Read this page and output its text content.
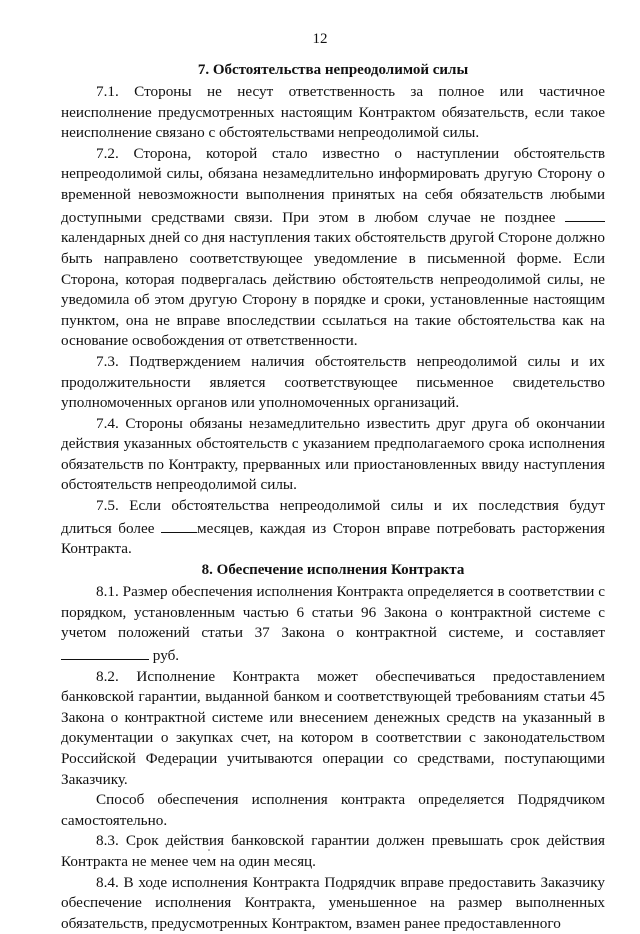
12
7. Обстоятельства непреодолимой силы

7.1. Стороны не несут ответственность за полное или частичное неисполнение предусмотренных настоящим Контрактом обязательств, если такое неисполнение связано с обстоятельствами непреодолимой силы.

7.2. Сторона, которой стало известно о наступлении обстоятельств непреодолимой силы, обязана незамедлительно информировать другую Сторону о временной невозможности выполнения принятых на себя обязательств любыми доступными средствами связи. При этом в любом случае не позднее  календарных дней со дня наступления таких обстоятельств другой Стороне должно быть направлено соответствующее уведомление в письменной форме. Если Сторона, которая подвергалась действию обстоятельств непреодолимой силы, не уведомила об этом другую Сторону в порядке и сроки, установленные настоящим пунктом, она не вправе впоследствии ссылаться на такие обстоятельства как на основание освобождения от ответственности.

7.3. Подтверждением наличия обстоятельств непреодолимой силы и их продолжительности является соответствующее письменное свидетельство уполномоченных органов или уполномоченных организаций.

7.4. Стороны обязаны незамедлительно известить друг друга об окончании действия указанных обстоятельств с указанием предполагаемого срока исполнения обязательств по Контракту, прерванных или приостановленных ввиду наступления обстоятельств непреодолимой силы.

7.5. Если обстоятельства непреодолимой силы и их последствия будут длиться более	месяцев, каждая из Сторон вправе потребовать расторжения Контракта.

8. Обеспечение исполнения Контракта

8.1. Размер обеспечения исполнения Контракта определяется в соответствии с порядком, установленным частью 6 статьи 96 Закона о контрактной системе с учетом положений статьи 37 Закона о контрактной системе, и составляет  руб.

8.2. Исполнение Контракта может обеспечиваться предоставлением банковской гарантии, выданной банком и соответствующей требованиям статьи 45 Закона о контрактной системе или внесением денежных средств на указанный в документации о закупках счет, на котором в соответствии с законодательством Российской Федерации учитываются операции со средствами, поступающими Заказчику.

Способ обеспечения исполнения контракта определяется Подрядчиком самостоятельно.

8.3. Срок действия банковской гарантии должен превышать срок действия Контракта не менее чем на один месяц.

8.4. В ходе исполнения Контракта Подрядчик вправе предоставить Заказчику обеспечение исполнения Контракта, уменьшенное на размер выполненных обязательств, предусмотренных Контрактом, взамен ранее предоставленного
